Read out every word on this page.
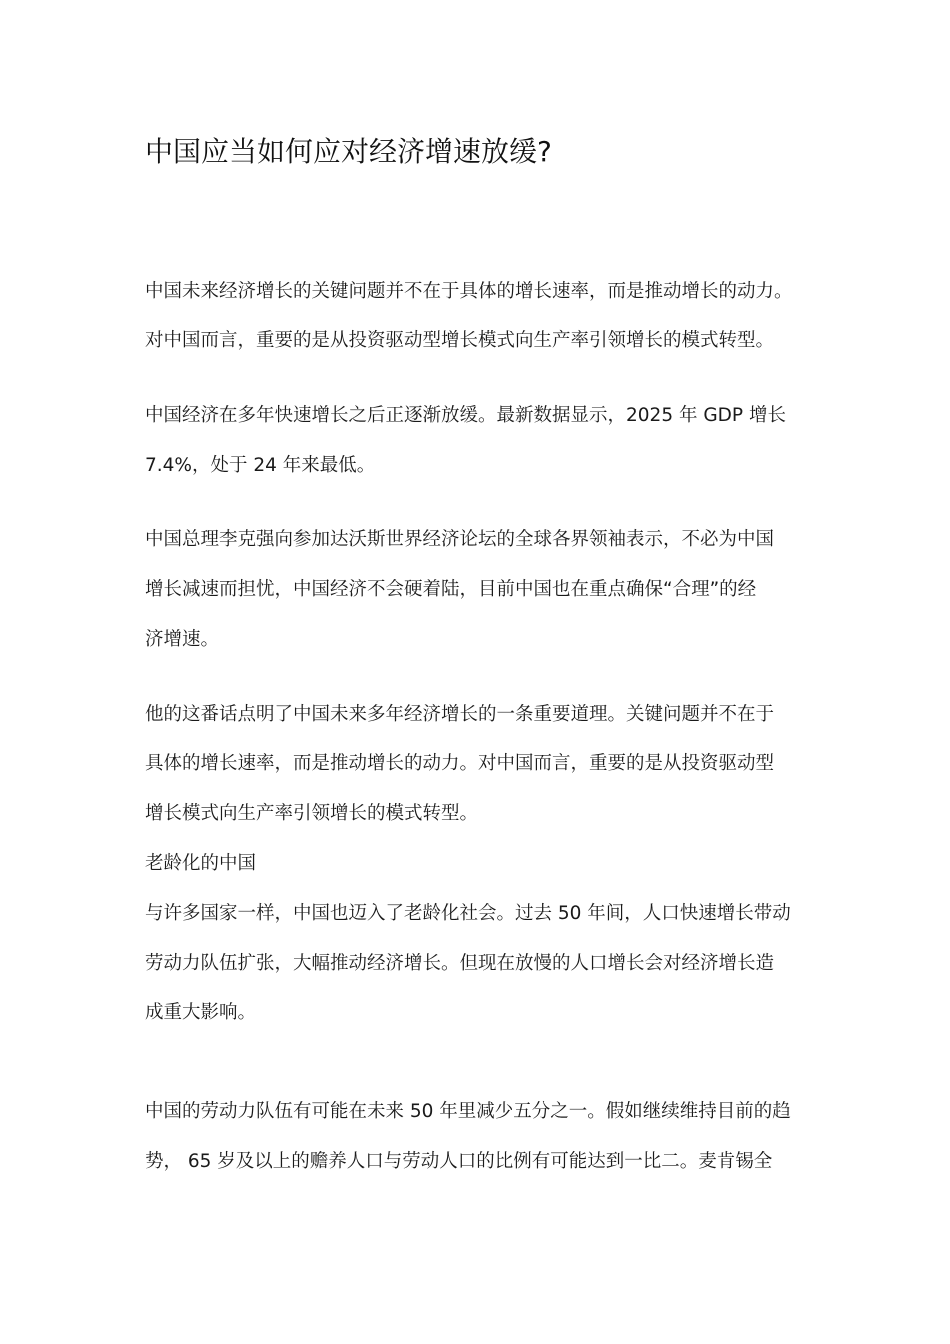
中国应当如何应对经济增速放缓?
中国未来经济增长的关键问题并不在于具体的增长速率，而是推动增长的动力。
对中国而言，重要的是从投资驱动型增长模式向生产率引领增长的模式转型。
中国经济在多年快速增长之后正逐渐放缓。最新数据显示，2025 年 GDP 增长
7.4%，处于 24 年来最低。
中国总理李克强向参加达沃斯世界经济论坛的全球各界领袖表示，不必为中国
增长减速而担忧，中国经济不会硬着陆，目前中国也在重点确保“合理”的经
济增速。
他的这番话点明了中国未来多年经济增长的一条重要道理。关键问题并不在于
具体的增长速率，而是推动增长的动力。对中国而言，重要的是从投资驱动型
增长模式向生产率引领增长的模式转型。
老龄化的中国
与许多国家一样，中国也迈入了老龄化社会。过去 50 年间，人口快速增长带动
劳动力队伍扩张，大幅推动经济增长。但现在放慢的人口增长会对经济增长造
成重大影响。
中国的劳动力队伍有可能在未来 50 年里减少五分之一。假如继续维持目前的趋
势， 65 岁及以上的赡养人口与劳动人口的比例有可能达到一比二。麦肯锡全
